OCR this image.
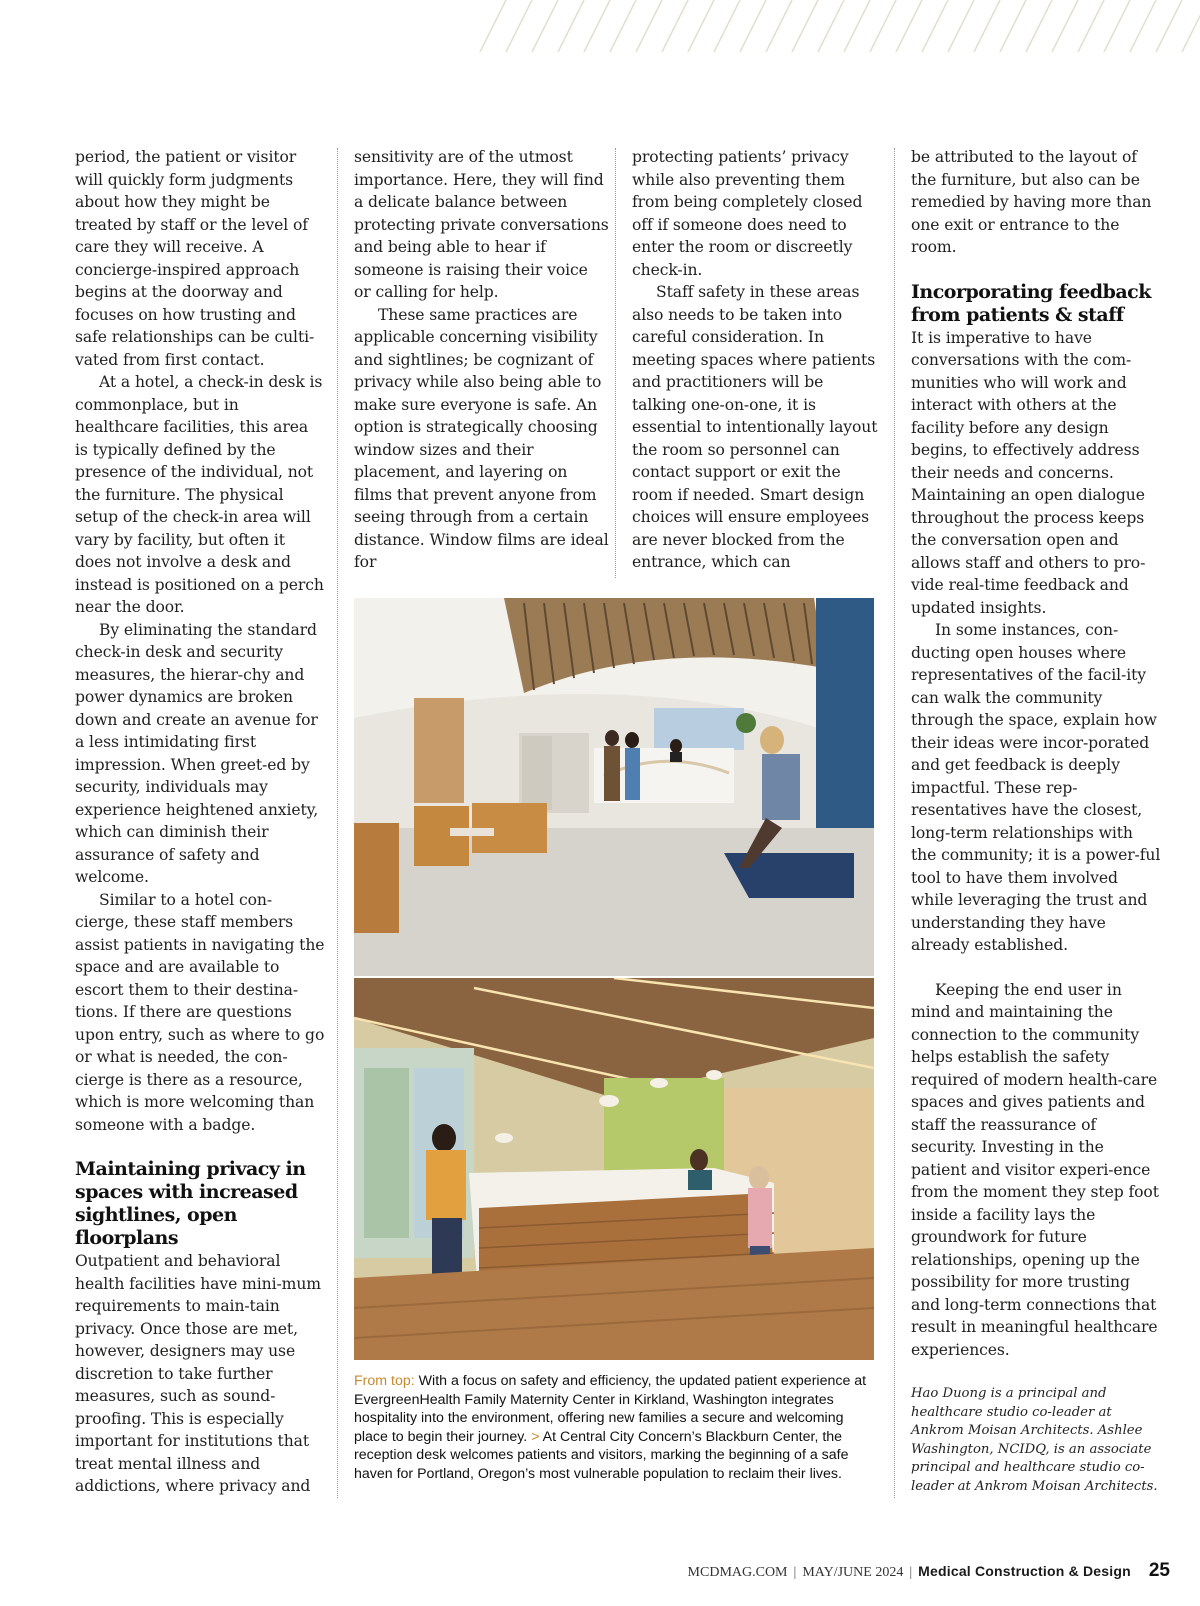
period, the patient or visitor will quickly form judgments about how they might be treated by staff or the level of care they will receive. A concierge-inspired approach begins at the doorway and focuses on how trusting and safe relationships can be culti-vated from first contact.

At a hotel, a check-in desk is commonplace, but in healthcare facilities, this area is typically defined by the presence of the individual, not the furniture. The physical setup of the check-in area will vary by facility, but often it does not involve a desk and instead is positioned on a perch near the door.

By eliminating the standard check-in desk and security measures, the hierar-chy and power dynamics are broken down and create an avenue for a less intimidating first impression. When greet-ed by security, individuals may experience heightened anxiety, which can diminish their assurance of safety and welcome.

Similar to a hotel con-cierge, these staff members assist patients in navigating the space and are available to escort them to their destina-tions. If there are questions upon entry, such as where to go or what is needed, the con-cierge is there as a resource, which is more welcoming than someone with a badge.

Maintaining privacy in spaces with increased sightlines, open floorplans

Outpatient and behavioral health facilities have mini-mum requirements to main-tain privacy. Once those are met, however, designers may use discretion to take further measures, such as sound-proofing. This is especially important for institutions that treat mental illness and addictions, where privacy and

sensitivity are of the utmost importance. Here, they will find a delicate balance between protecting private conversations and being able to hear if someone is raising their voice or calling for help.

These same practices are applicable concerning visibility and sightlines; be cognizant of privacy while also being able to make sure everyone is safe. An option is strategically choosing window sizes and their placement, and layering on films that prevent anyone from seeing through from a certain distance. Window films are ideal for

protecting patients’ privacy while also preventing them from being completely closed off if someone does need to enter the room or discreetly check-in.

Staff safety in these areas also needs to be taken into careful consideration. In meeting spaces where patients and practitioners will be talking one-on-one, it is essential to intentionally layout the room so personnel can contact support or exit the room if needed. Smart design choices will ensure employees are never blocked from the entrance, which can

be attributed to the layout of the furniture, but also can be remedied by having more than one exit or entrance to the room.

Incorporating feedback from patients & staff

It is imperative to have conversations with the com-munities who will work and interact with others at the facility before any design begins, to effectively address their needs and concerns. Maintaining an open dialogue throughout the process keeps the conversation open and allows staff and others to pro-vide real-time feedback and updated insights.

In some instances, con-ducting open houses where representatives of the facil-ity can walk the community through the space, explain how their ideas were incor-porated and get feedback is deeply impactful. These rep-resentatives have the closest, long-term relationships with the community; it is a power-ful tool to have them involved while leveraging the trust and understanding they have already established.

Keeping the end user in mind and maintaining the connection to the community helps establish the safety required of modern health-care spaces and gives patients and staff the reassurance of security. Investing in the patient and visitor experi-ence from the moment they step foot inside a facility lays the groundwork for future relationships, opening up the possibility for more trusting and long-term connections that result in meaningful healthcare experiences.

From top: With a focus on safety and efficiency, the updated patient experience at EvergreenHealth Family Maternity Center in Kirkland, Washington integrates hospitality into the environment, offering new families a secure and welcoming place to begin their journey. > At Central City Concern’s Blackburn Center, the reception desk welcomes patients and visitors, marking the beginning of a safe haven for Portland, Oregon’s most vulnerable population to reclaim their lives.
Hao Duong is a principal and healthcare studio co-leader at Ankrom Moisan Architects. Ashlee Washington, NCIDQ, is an associate principal and healthcare studio co-leader at Ankrom Moisan Architects.
MCDMAG.COM | MAY/JUNE 2024 | Medical Construction & Design 25
